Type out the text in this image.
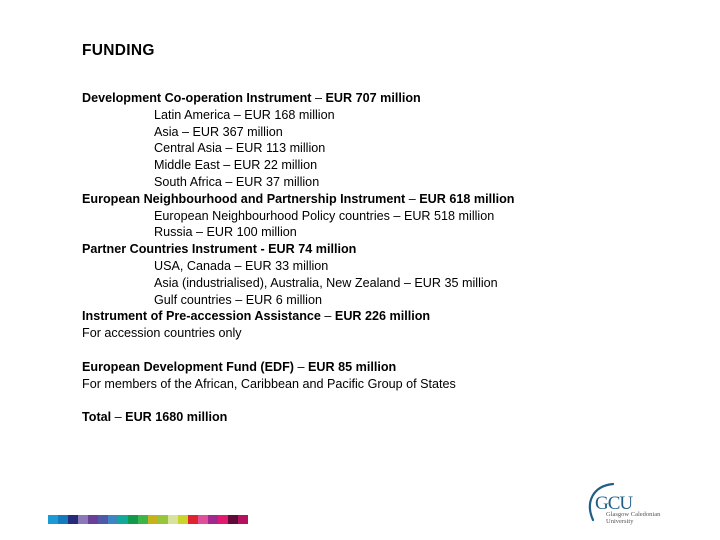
FUNDING
Development Co-operation Instrument – EUR 707 million
Latin America – EUR 168 million
Asia – EUR 367 million
Central Asia – EUR 113 million
Middle East – EUR 22 million
South Africa – EUR 37 million
European Neighbourhood and Partnership Instrument – EUR 618 million
European Neighbourhood Policy countries – EUR 518 million
Russia – EUR 100 million
Partner Countries Instrument - EUR 74 million
USA, Canada – EUR 33 million
Asia (industrialised), Australia, New Zealand – EUR 35 million
Gulf countries – EUR 6 million
Instrument of Pre-accession Assistance – EUR 226 million
For accession countries only
European Development Fund (EDF) – EUR 85 million
For members of the African, Caribbean and Pacific Group of States
Total – EUR 1680 million
GCU
Glasgow Caledonian
University
